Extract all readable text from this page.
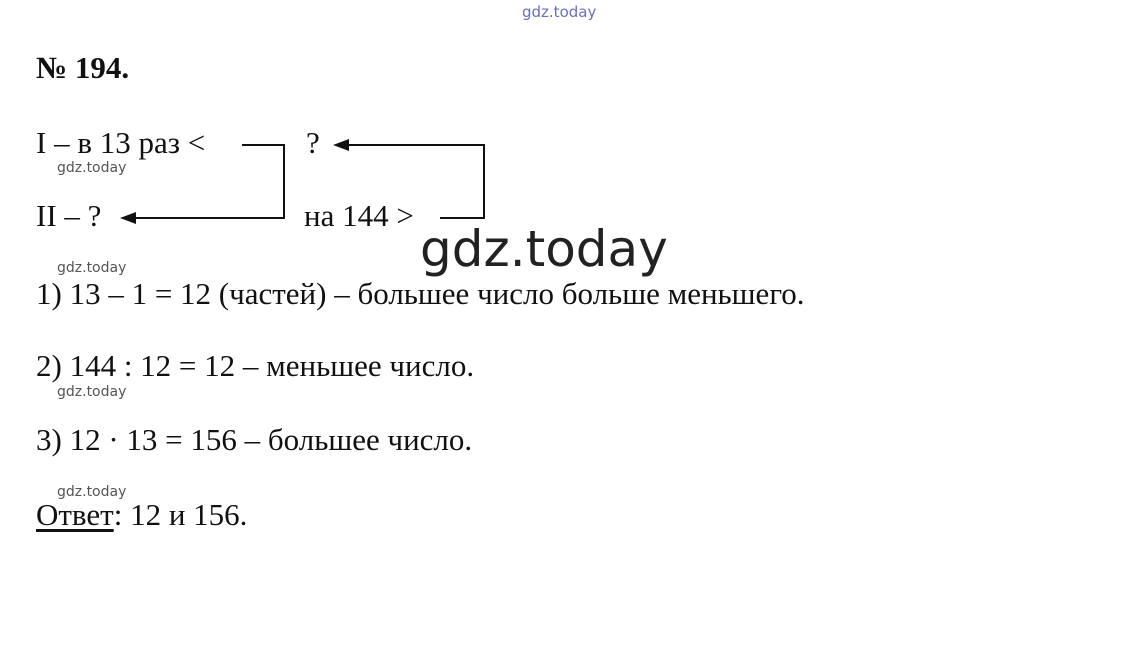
gdz.today
№ 194.
I – в 13 раз <	?
II – ?	на 144 >
gdz.today
gdz.today
gdz.today
gdz.today
gdz.today
1) 13 – 1 = 12 (частей) – большее число больше меньшего.
2) 144 : 12 = 12 – меньшее число.
3) 12 · 13 = 156 – большее число.
Ответ: 12 и 156.
